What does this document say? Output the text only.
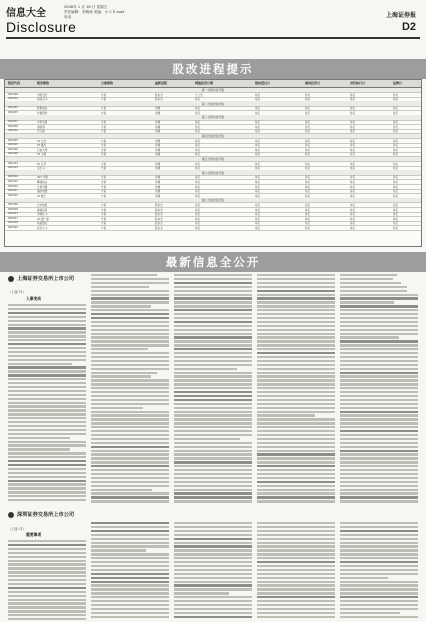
信息大全
2008年 1 月 18 日 星期五
责任编辑：李海涛 美编：小 C E-mail：
电话：
Disclosure
上海证券报
D2
股改进程提示
股票代码	股票简称	方案简称	最新进程	网络投票日期	股权登记日	现场投票日	对价执行日	复牌日
第一日程内容列表
000009	中国宝安	方案	股东会	已公告	待定	待定	待定	待定
000019	深深宝 A	方案	股东会	待定	待定	待定	待定	待定
第二日程内容列表
000033	新都酒店	方案	沟通	待定	待定	待定	待定	待定
000035	科健股份	方案	沟通	待定	待定	待定	待定	待定
第三日程内容列表
000047	中侨发展	方案	沟通	待定	待定	待定	待定	待定
000056	深国商	方案	沟通	待定	待定	待定	待定	待定
000150	光大陆	方案	沟通	待定	待定	待定	待定	待定
第四日程内容列表
000403	ST 生化	方案	沟通	待定	待定	待定	待定	待定
000405	ST 鑫光	方案	沟通	待定	待定	待定	待定	待定
000406	石油大明	方案	沟通	待定	待定	待定	待定	待定
000408	ST 玉源	方案	沟通	待定	待定	待定	待定	待定
第五日程内容列表
000412	ST 五环	方案	沟通	待定	待定	待定	待定	待定
000413	宝石 A	方案	沟通	待定	待定	待定	待定	待定
第六日程内容列表
000509	SST 华塑	方案	沟通	待定	待定	待定	待定	待定
000515	攀渝钛业	方案	沟通	待定	待定	待定	待定	待定
000520	长航凤凰	方案	沟通	待定	待定	待定	待定	待定
000527	美的电器	方案	沟通	待定	待定	待定	待定	待定
000535	ST 猴王	方案	沟通	待定	待定	待定	待定	待定
第七日程内容列表
000546	光华控股	方案	股东会	待定	待定	待定	待定	待定
000548	湖南投资	方案	股东会	待定	待定	待定	待定	待定
000553	沙隆达 A	方案	股东会	待定	待定	待定	待定	待定
000557	ST 银广夏	方案	股东会	待定	待定	待定	待定	待定
000558	莱茵置业	方案	股东会	待定	待定	待定	待定	待定
000560	昆百大 A	方案	股东会	待定	待定	待定	待定	待定
最新信息全公开
上海证券交易所上市公司
（上接 C1）
人事变动
深圳证券交易所上市公司
（上接 C1）
重要事项
